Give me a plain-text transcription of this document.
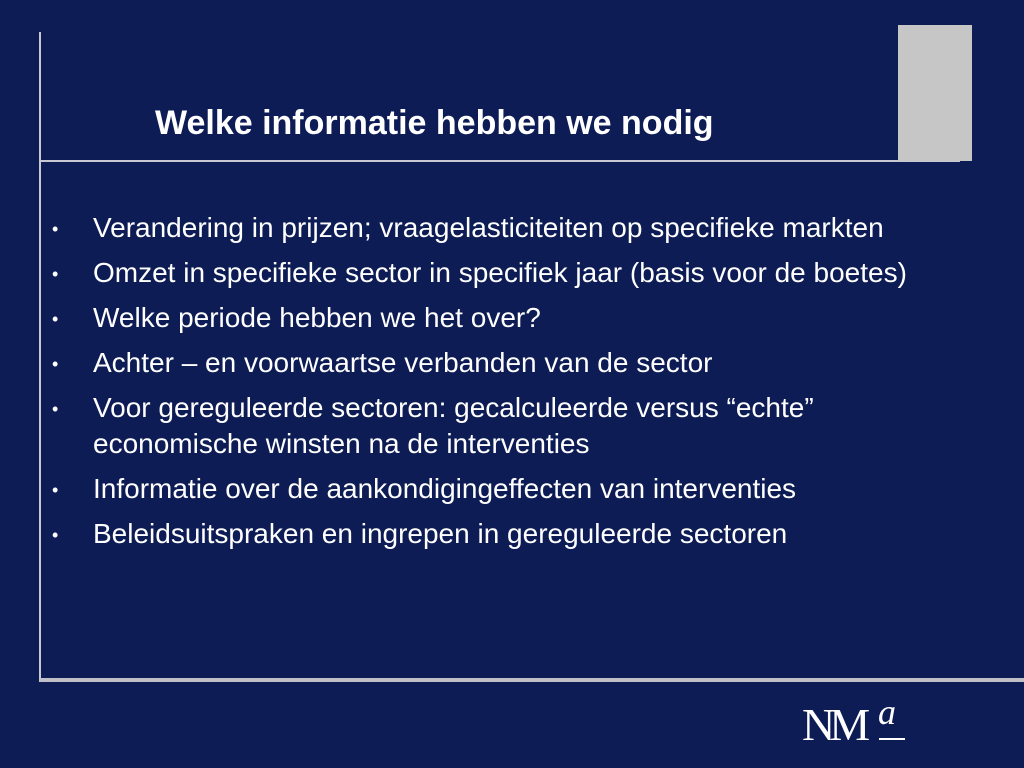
Welke informatie hebben we nodig
• Verandering in prijzen; vraagelasticiteiten op specifieke markten
• Omzet in specifieke sector in specifiek jaar (basis voor de boetes)
• Welke periode hebben we het over?
• Achter – en voorwaartse verbanden van de sector
• Voor gereguleerde sectoren: gecalculeerde versus “echte” economische winsten na de interventies
• Informatie over de aankondigingeffecten van interventies
• Beleidsuitspraken en ingrepen in gereguleerde sectoren
NM a
